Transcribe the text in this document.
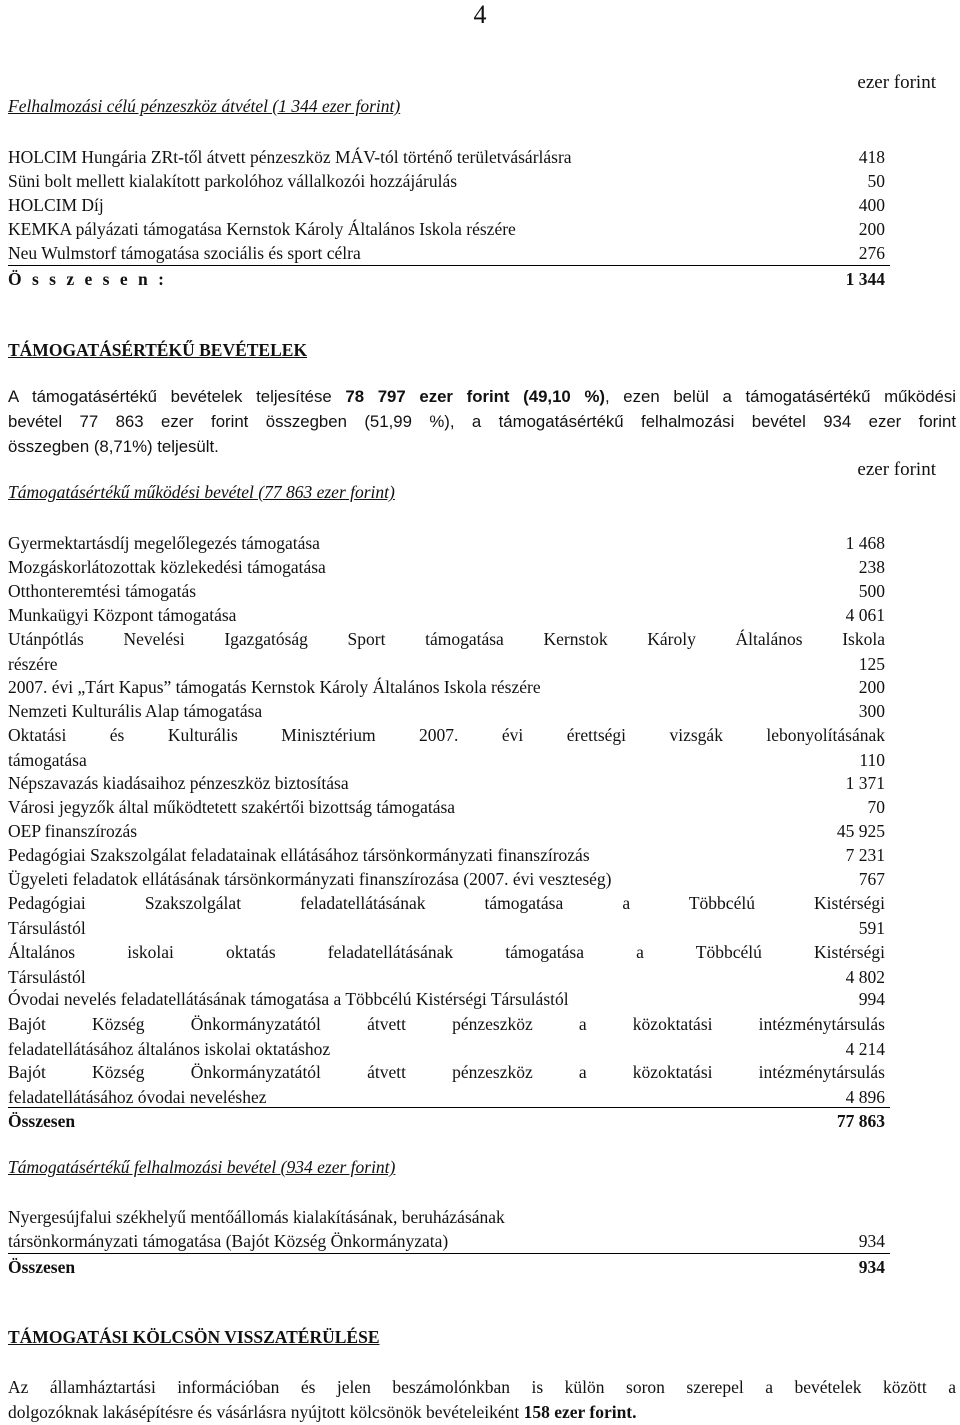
4
ezer forint
Felhalmozási célú pénzeszköz átvétel (1 344 ezer forint)
HOLCIM Hungária ZRt-től átvett pénzeszköz MÁV-tól történő területvásárlásra	418
Süni bolt mellett kialakított parkolóhoz vállalkozói hozzájárulás	50
HOLCIM Díj	400
KEMKA pályázati támogatása Kernstok Károly Általános Iskola részére	200
Neu Wulmstorf támogatása szociális és sport célra	276
Ö s s z e s e n :	1 344
TÁMOGATÁSÉRTÉKŰ BEVÉTELEK
A támogatásértékű bevételek teljesítése 78 797 ezer forint (49,10 %), ezen belül a támogatásértékű működési
bevétel 77 863 ezer forint összegben (51,99 %), a támogatásértékű felhalmozási bevétel 934 ezer forint
összegben (8,71%) teljesült.
ezer forint
Támogatásértékű működési bevétel (77 863 ezer forint)
Gyermektartásdíj megelőlegezés támogatása	1 468
Mozgáskorlátozottak közlekedési támogatása	238
Otthonteremtési támogatás	500
Munkaügyi Központ támogatása	4 061
Utánpótlás Nevelési Igazgatóság Sport támogatása Kernstok Károly Általános Iskola
részére	125
2007. évi „Tárt Kapus” támogatás Kernstok Károly Általános Iskola részére	200
Nemzeti Kulturális Alap támogatása	300
Oktatási és Kulturális Minisztérium 2007. évi érettségi vizsgák lebonyolításának
támogatása	110
Népszavazás kiadásaihoz pénzeszköz biztosítása	1 371
Városi jegyzők által működtetett szakértői bizottság támogatása	70
OEP finanszírozás	45 925
Pedagógiai Szakszolgálat feladatainak ellátásához társönkormányzati finanszírozás	7 231
Ügyeleti feladatok ellátásának társönkormányzati finanszírozása (2007. évi veszteség)	767
Pedagógiai Szakszolgálat feladatellátásának támogatása a Többcélú Kistérségi
Társulástól	591
Általános iskolai oktatás feladatellátásának támogatása a Többcélú Kistérségi
Társulástól	4 802
Óvodai nevelés feladatellátásának támogatása a Többcélú Kistérségi Társulástól	994
Bajót Község Önkormányzatától átvett pénzeszköz a közoktatási intézménytársulás
feladatellátásához általános iskolai oktatáshoz	4 214
Bajót Község Önkormányzatától átvett pénzeszköz a közoktatási intézménytársulás
feladatellátásához óvodai neveléshez	4 896
Összesen	77 863
Támogatásértékű felhalmozási bevétel (934 ezer forint)
Nyergesújfalui székhelyű mentőállomás kialakításának, beruházásának
társönkormányzati támogatása (Bajót Község Önkormányzata)	934
Összesen	934
TÁMOGATÁSI KÖLCSÖN VISSZATÉRÜLÉSE
Az államháztartási információban és jelen beszámolónkban is külön soron szerepel a bevételek között a
dolgozóknak lakásépítésre és vásárlásra nyújtott kölcsönök bevételeiként 158 ezer forint.
